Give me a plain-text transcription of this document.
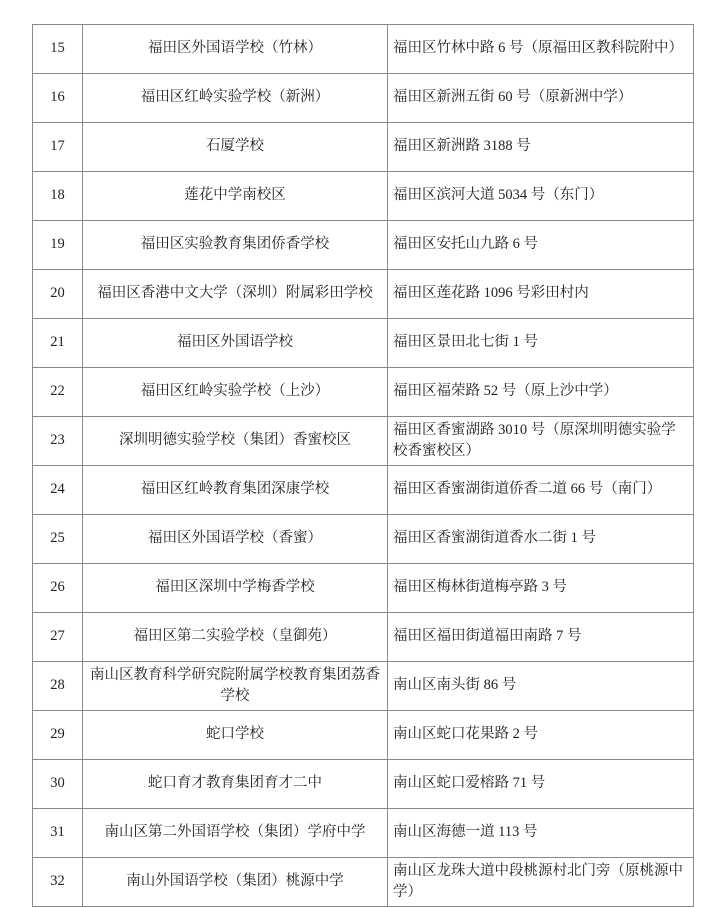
15	福田区外国语学校（竹林）	福田区竹林中路 6 号（原福田区教科院附中）
16	福田区红岭实验学校（新洲）	福田区新洲五街 60 号（原新洲中学）
17	石厦学校	福田区新洲路 3188 号
18	莲花中学南校区	福田区滨河大道 5034 号（东门）
19	福田区实验教育集团侨香学校	福田区安托山九路 6 号
20	福田区香港中文大学（深圳）附属彩田学校	福田区莲花路 1096 号彩田村内
21	福田区外国语学校	福田区景田北七街 1 号
22	福田区红岭实验学校（上沙）	福田区福荣路 52 号（原上沙中学）
23	深圳明德实验学校（集团）香蜜校区	福田区香蜜湖路 3010 号（原深圳明德实验学校香蜜校区）
24	福田区红岭教育集团深康学校	福田区香蜜湖街道侨香二道 66 号（南门）
25	福田区外国语学校（香蜜）	福田区香蜜湖街道香水二街 1 号
26	福田区深圳中学梅香学校	福田区梅林街道梅亭路 3 号
27	福田区第二实验学校（皇御苑）	福田区福田街道福田南路 7 号
28	南山区教育科学研究院附属学校教育集团荔香学校	南山区南头街 86 号
29	蛇口学校	南山区蛇口花果路 2 号
30	蛇口育才教育集团育才二中	南山区蛇口爱榕路 71 号
31	南山区第二外国语学校（集团）学府中学	南山区海德一道 113 号
32	南山外国语学校（集团）桃源中学	南山区龙珠大道中段桃源村北门旁（原桃源中学）
